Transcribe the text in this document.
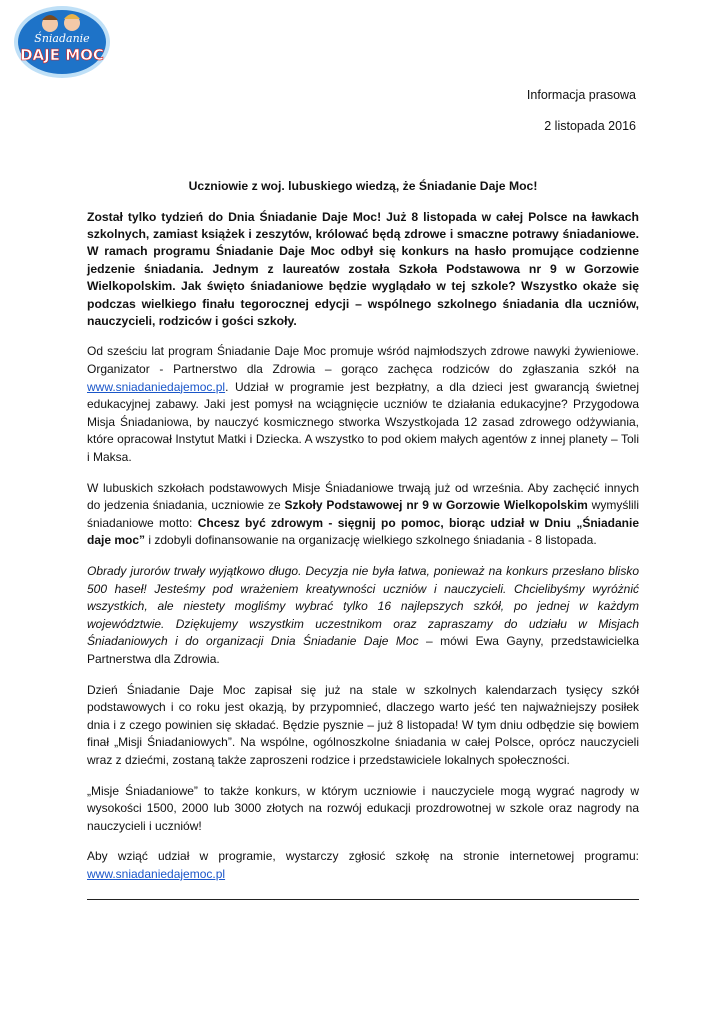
Śniadanie
DAJE MOC
Informacja prasowa
2 listopada 2016
Uczniowie z woj. lubuskiego wiedzą, że Śniadanie Daje Moc!

Został tylko tydzień do Dnia Śniadanie Daje Moc! Już 8 listopada w całej Polsce na ławkach szkolnych, zamiast książek i zeszytów, królować będą zdrowe i smaczne potrawy śniadaniowe. W ramach programu Śniadanie Daje Moc odbył się konkurs na hasło promujące codzienne jedzenie śniadania. Jednym z laureatów została Szkoła Podstawowa nr 9 w Gorzowie Wielkopolskim. Jak święto śniadaniowe będzie wyglądało w tej szkole? Wszystko okaże się podczas wielkiego finału tegorocznej edycji – wspólnego szkolnego śniadania dla uczniów, nauczycieli, rodziców i gości szkoły.

Od sześciu lat program Śniadanie Daje Moc promuje wśród najmłodszych zdrowe nawyki żywieniowe. Organizator - Partnerstwo dla Zdrowia – gorąco zachęca rodziców do zgłaszania szkół na www.sniadaniedajemoc.pl. Udział w programie jest bezpłatny, a dla dzieci jest gwarancją świetnej edukacyjnej zabawy. Jaki jest pomysł na wciągnięcie uczniów te działania edukacyjne? Przygodowa Misja Śniadaniowa, by nauczyć kosmicznego stworka Wszystkojada 12 zasad zdrowego odżywiania, które opracował Instytut Matki i Dziecka. A wszystko to pod okiem małych agentów z innej planety – Toli i Maksa.

W lubuskich szkołach podstawowych Misje Śniadaniowe trwają już od września. Aby zachęcić innych do jedzenia śniadania, uczniowie ze Szkoły Podstawowej nr 9 w Gorzowie Wielkopolskim wymyślili śniadaniowe motto: Chcesz być zdrowym - sięgnij po pomoc, biorąc udział w Dniu „Śniadanie daje moc” i zdobyli dofinansowanie na organizację wielkiego szkolnego śniadania - 8 listopada.

Obrady jurorów trwały wyjątkowo długo. Decyzja nie była łatwa, ponieważ na konkurs przesłano blisko 500 haseł! Jesteśmy pod wrażeniem kreatywności uczniów i nauczycieli. Chcielibyśmy wyróżnić wszystkich, ale niestety mogliśmy wybrać tylko 16 najlepszych szkół, po jednej w każdym województwie. Dziękujemy wszystkim uczestnikom oraz zapraszamy do udziału w Misjach Śniadaniowych i do organizacji Dnia Śniadanie Daje Moc – mówi Ewa Gayny, przedstawicielka Partnerstwa dla Zdrowia.

Dzień Śniadanie Daje Moc zapisał się już na stale w szkolnych kalendarzach tysięcy szkół podstawowych i co roku jest okazją, by przypomnieć, dlaczego warto jeść ten najważniejszy posiłek dnia i z czego powinien się składać. Będzie pysznie – już 8 listopada! W tym dniu odbędzie się bowiem finał „Misji Śniadaniowych”. Na wspólne, ogólnoszkolne śniadania w całej Polsce, oprócz nauczycieli wraz z dziećmi, zostaną także zaproszeni rodzice i przedstawiciele lokalnych społeczności.

„Misje Śniadaniowe” to także konkurs, w którym uczniowie i nauczyciele mogą wygrać nagrody w wysokości 1500, 2000 lub 3000 złotych na rozwój edukacji prozdrowotnej w szkole oraz nagrody na nauczycieli i uczniów!

Aby wziąć udział w programie, wystarczy zgłosić szkołę na stronie internetowej programu: www.sniadaniedajemoc.pl
